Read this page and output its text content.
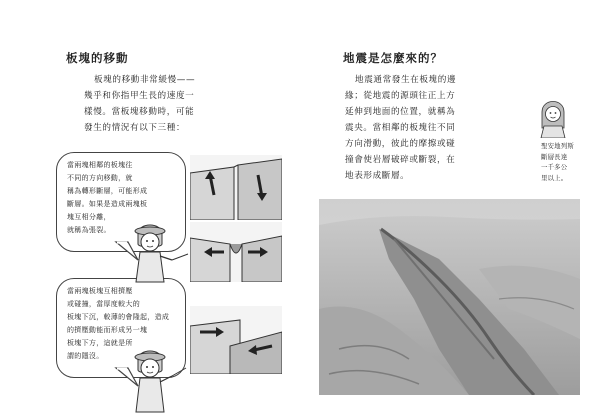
板塊的移動
板塊的移動非常緩慢——
幾乎和你指甲生長的速度一
樣慢。當板塊移動時，可能
發生的情況有以下三種：
當兩塊相鄰的板塊往
不同的方向移動，就
稱為轉形斷層，可能形成
斷層。如果是造成兩塊板
塊互相分離，
就稱為張裂。
當兩塊板塊互相擠壓
或碰撞，當厚度較大的
板塊下沉，較薄的會隆起，造成
的擠壓動能而形成另一塊
板塊下方，這就是所
謂的隱沒。
地震是怎麼來的？
地震通常發生在板塊的邊
緣；從地震的源頭往正上方
延伸到地面的位置，就稱為
震央。當相鄰的板塊往不同
方向滑動，彼此的摩擦或碰
撞會使岩層破碎或斷裂，在
地表形成斷層。
聖安地列斯
斷層長達
一千多公
里以上。
